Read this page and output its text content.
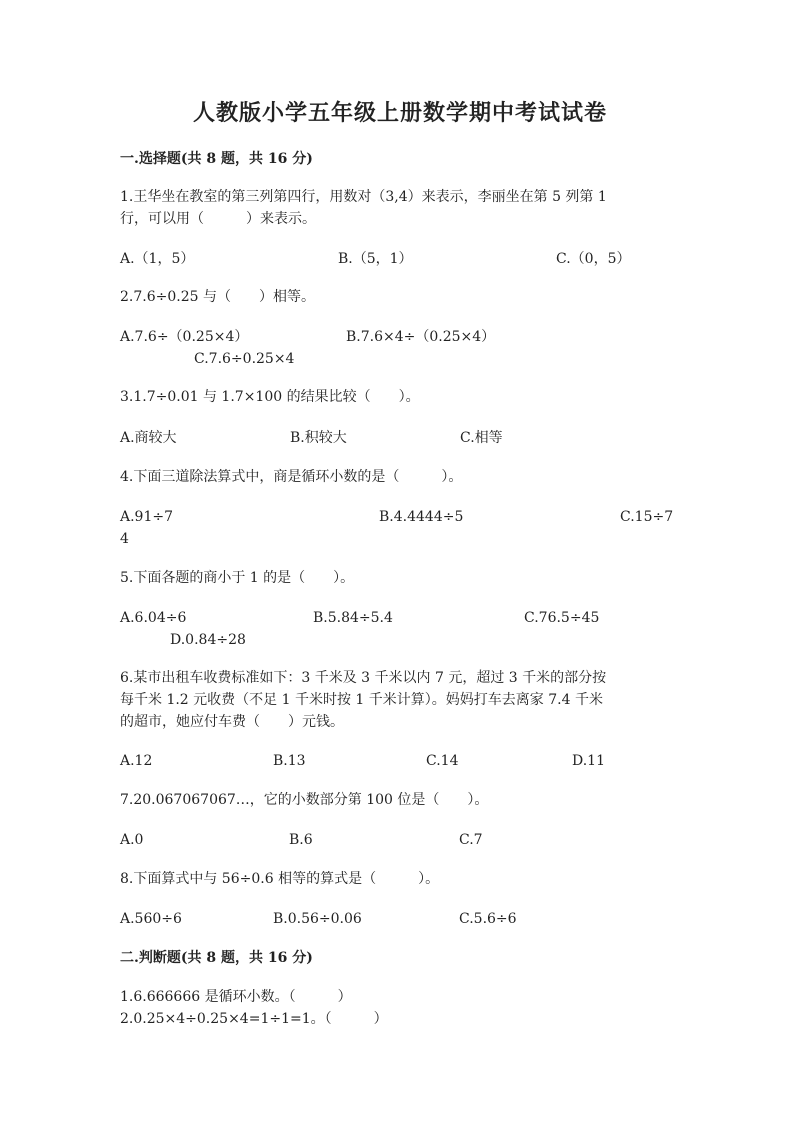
人教版小学五年级上册数学期中考试试卷
一.选择题(共 8 题，共 16 分)
1.王华坐在教室的第三列第四行，用数对（3,4）来表示，李丽坐在第 5 列第 1
行，可以用（　　　）来表示。
A.（1，5）	B.（5，1）	C.（0，5）
2.7.6÷0.25 与（　　）相等。
A.7.6÷（0.25×4）	B.7.6×4÷（0.25×4）
C.7.6÷0.25×4
3.1.7÷0.01 与 1.7×100 的结果比较（　　）。
A.商较大	B.积较大	C.相等
4.下面三道除法算式中，商是循环小数的是（　　　）。
A.91÷7	B.4.4444÷5	C.15÷7
4
5.下面各题的商小于 1 的是（　　）。
A.6.04÷6	B.5.84÷5.4	C.76.5÷45
D.0.84÷28
6.某市出租车收费标准如下：3 千米及 3 千米以内 7 元，超过 3 千米的部分按
每千米 1.2 元收费（不足 1 千米时按 1 千米计算）。妈妈打车去离家 7.4 千米
的超市，她应付车费（　　）元钱。
A.12	B.13	C.14	D.11
7.20.067067067…，它的小数部分第 100 位是（　　）。
A.0	B.6	C.7
8.下面算式中与 56÷0.6 相等的算式是（　　　）。
A.560÷6	B.0.56÷0.06	C.5.6÷6
二.判断题(共 8 题，共 16 分)
1.6.666666 是循环小数。（　　　）
2.0.25×4÷0.25×4=1÷1=1。（　　　）
